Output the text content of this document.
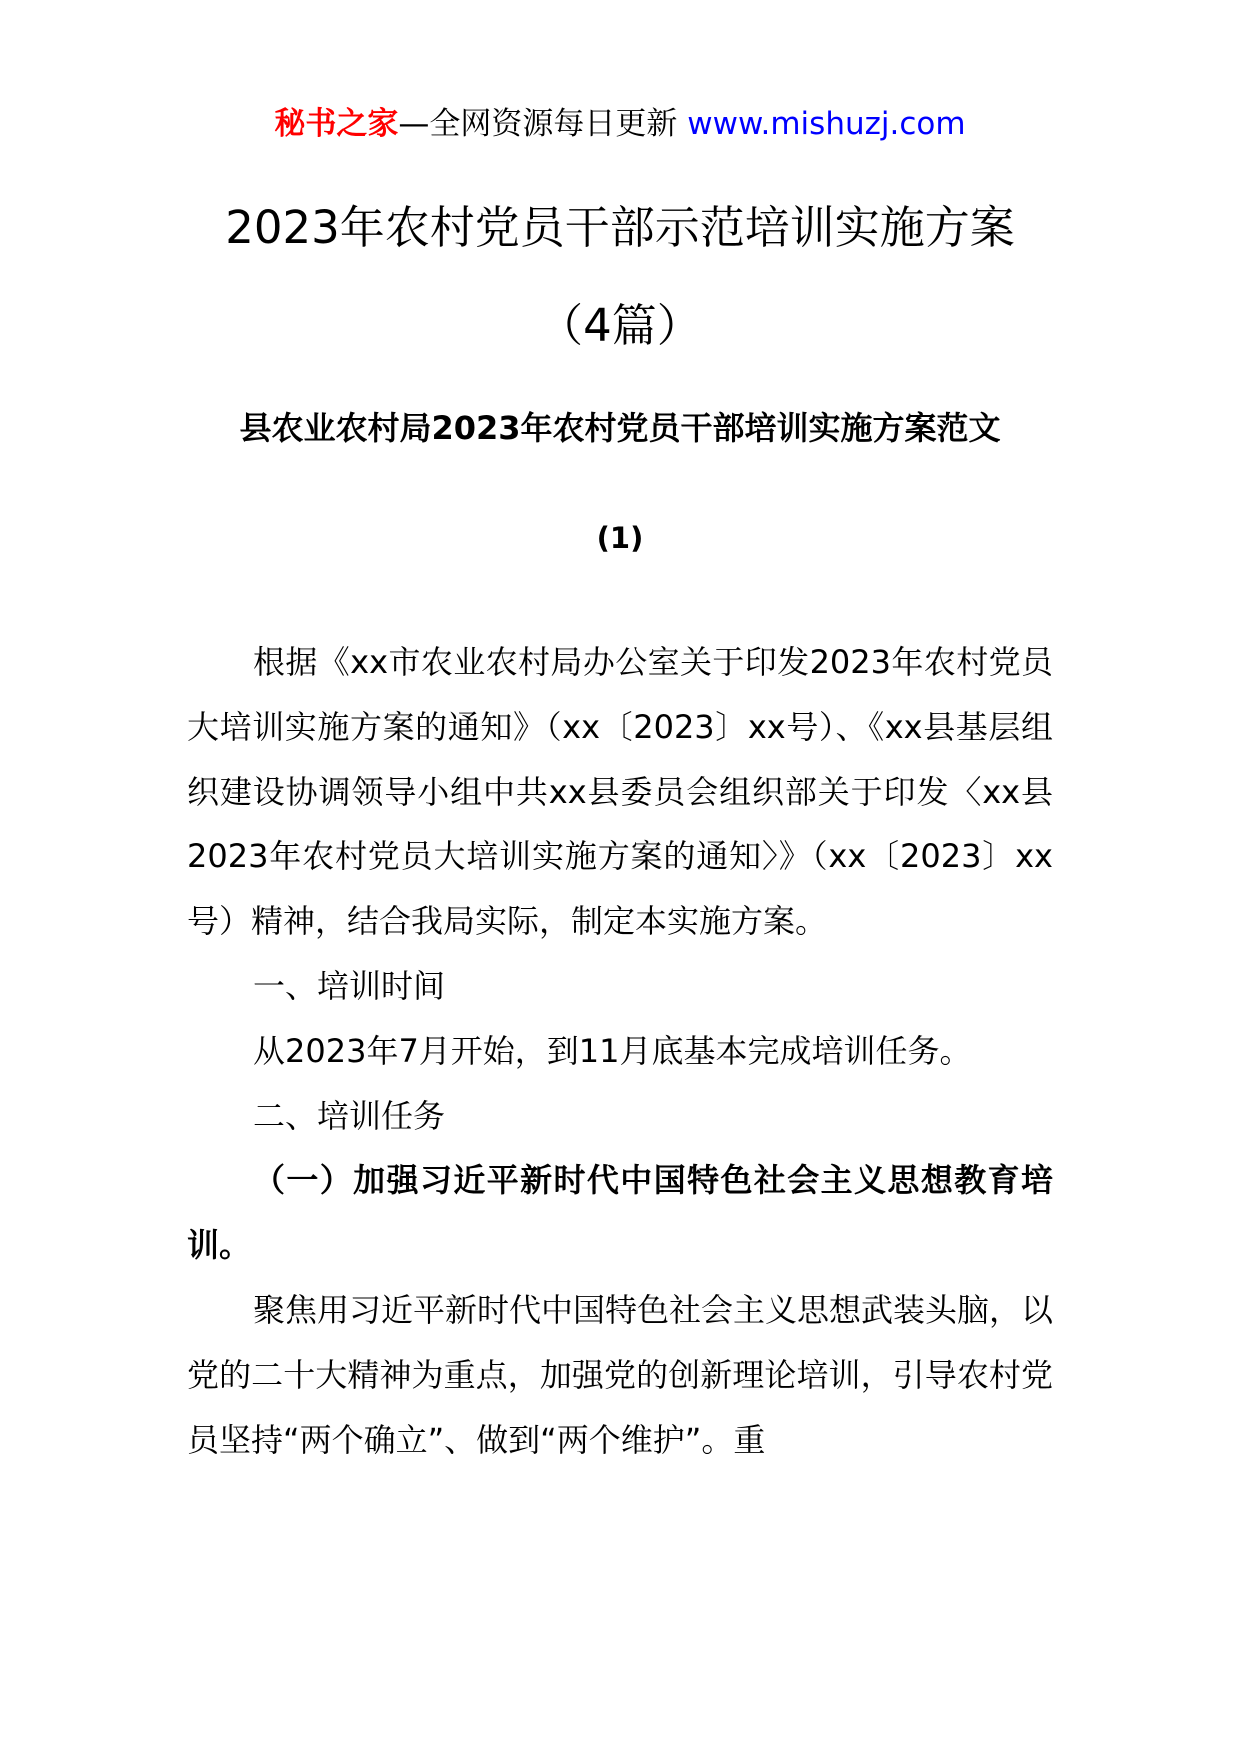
秘书之家—全网资源每日更新 www.mishuzj.com
2023年农村党员干部示范培训实施方案
（4篇）
县农业农村局2023年农村党员干部培训实施方案范文
(1)

根据《xx市农业农村局办公室关于印发2023年农村党员大培训实施方案的通知》（xx〔2023〕xx号）、《xx县基层组织建设协调领导小组中共xx县委员会组织部关于印发〈xx县2023年农村党员大培训实施方案的通知〉》（xx〔2023〕xx号）精神，结合我局实际，制定本实施方案。

一、培训时间

从2023年7月开始，到11月底基本完成培训任务。

二、培训任务

（一）加强习近平新时代中国特色社会主义思想教育培训。

聚焦用习近平新时代中国特色社会主义思想武装头脑，以党的二十大精神为重点，加强党的创新理论培训，引导农村党员坚持“两个确立”、做到“两个维护”。重
